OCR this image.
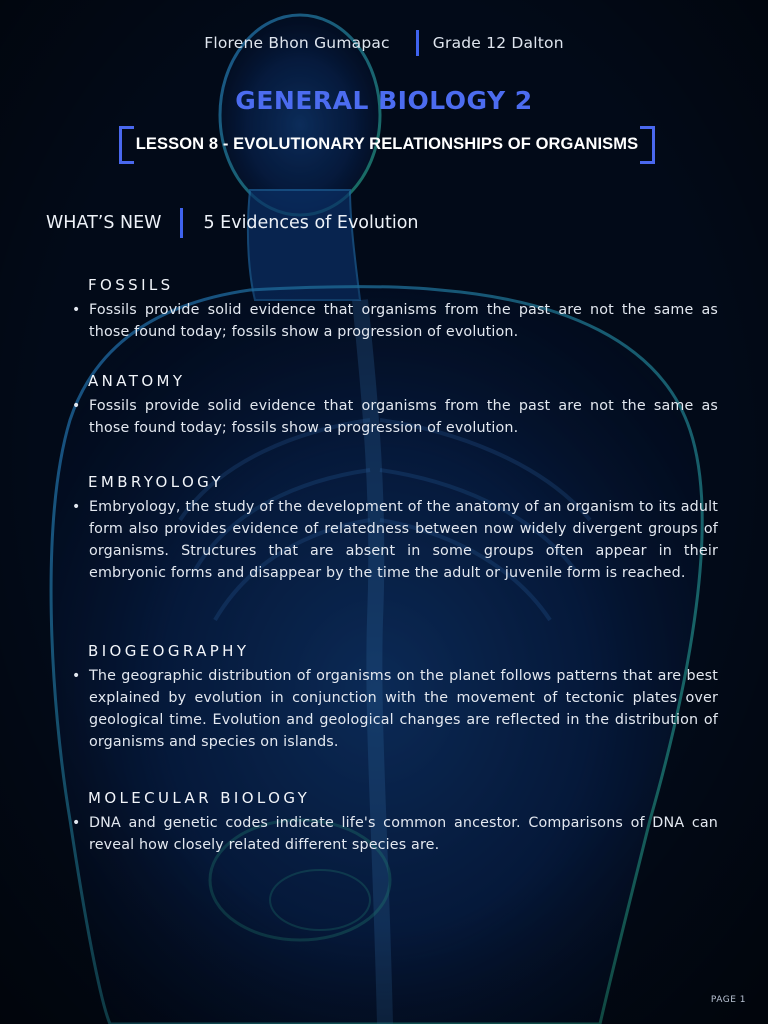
Florene Bhon Gumapac	Grade 12 Dalton
GENERAL BIOLOGY 2
LESSON 8 - EVOLUTIONARY RELATIONSHIPS OF ORGANISMS
WHAT’S NEW 5 Evidences of Evolution
FOSSILS
• Fossils provide solid evidence that organisms from the past are not the same as those found today; fossils show a progression of evolution.
ANATOMY
• Fossils provide solid evidence that organisms from the past are not the same as those found today; fossils show a progression of evolution.
EMBRYOLOGY
• Embryology, the study of the development of the anatomy of an organism to its adult form also provides evidence of relatedness between now widely divergent groups of organisms. Structures that are absent in some groups often appear in their embryonic forms and disappear by the time the adult or juvenile form is reached.
BIOGEOGRAPHY
• The geographic distribution of organisms on the planet follows patterns that are best explained by evolution in conjunction with the movement of tectonic plates over geological time. Evolution and geological changes are reflected in the distribution of organisms and species on islands.
MOLECULAR BIOLOGY
• DNA and genetic codes indicate life's common ancestor. Comparisons of DNA can reveal how closely related different species are.
PAGE 1
